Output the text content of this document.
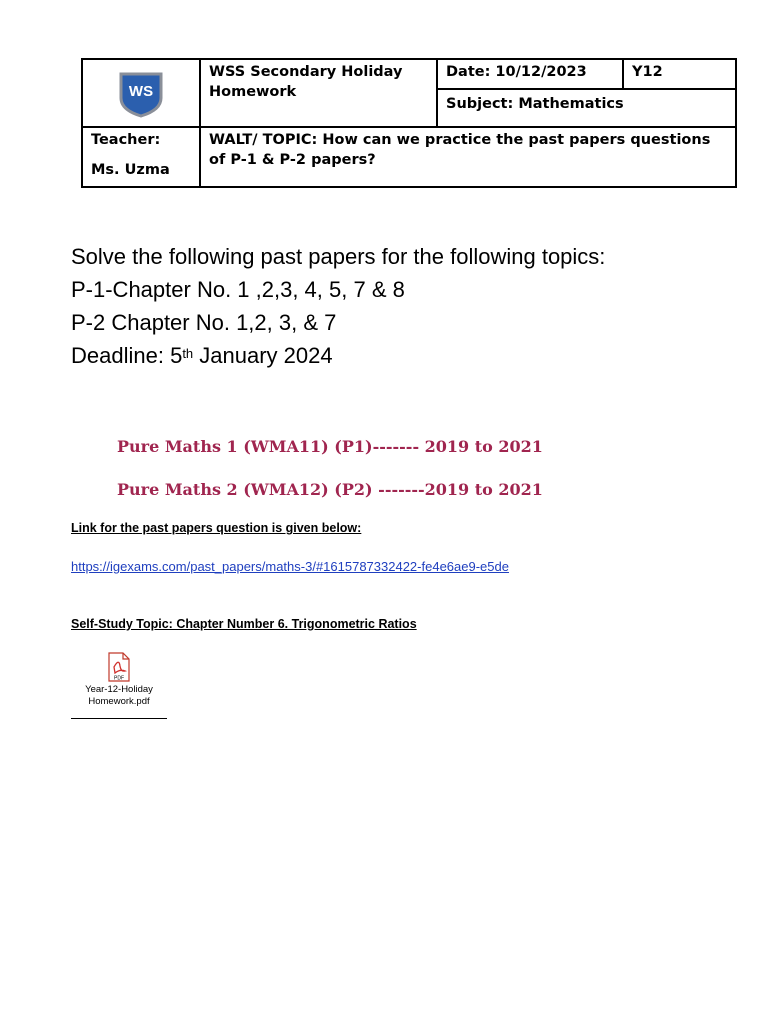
WS	WSS Secondary Holiday Homework	Date: 10/12/2023	Y12
		Subject: Mathematics	

Teacher:
Ms. Uzma	WALT/ TOPIC: How can we practice the past papers questions of P-1 & P-2 papers?		
Solve the following past papers for the following topics:
P-1-Chapter No. 1 ,2,3, 4, 5, 7 & 8
P-2 Chapter No. 1,2, 3, & 7
Deadline: 5th January 2024
Pure Maths 1 (WMA11) (P1)------- 2019 to 2021
Pure Maths 2 (WMA12) (P2) -------2019 to 2021
Link for the past papers question is given below:
https://igexams.com/past_papers/maths-3/#1615787332422-fe4e6ae9-e5de
Self-Study Topic: Chapter Number 6. Trigonometric Ratios
PDF
Year-12-Holiday
Homework.pdf
